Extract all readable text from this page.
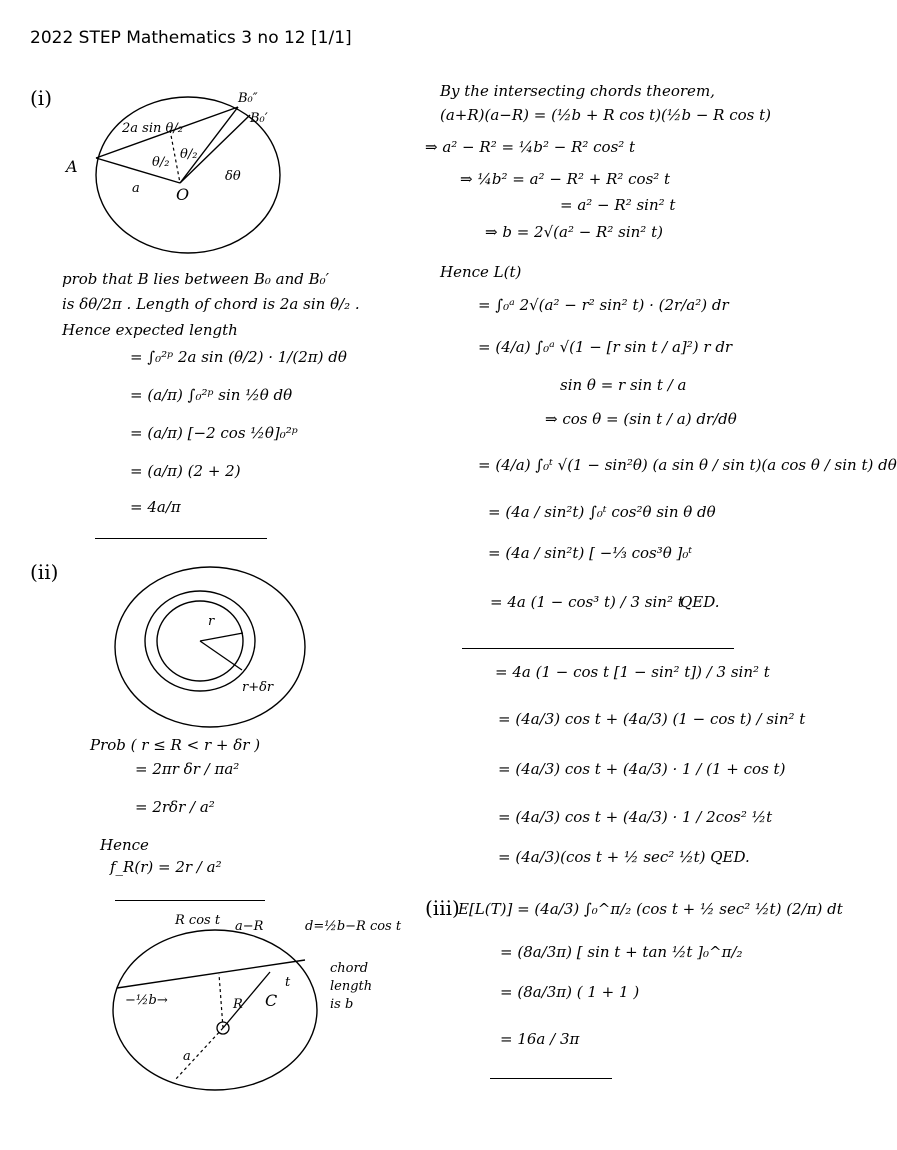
2022 STEP Mathematics 3 no 12 [1/1]
(i)
(ii)
(iii)
B₀″
B₀′
2a sin θ/₂
θ/₂
θ/₂
δθ
A
O
a
prob that B lies between B₀ and B₀′
is δθ/2π . Length of chord is 2a sin θ/₂ .
Hence expected length
= ∫₀²ᵖ 2a sin (θ/2) · 1/(2π) dθ
= (a/π) ∫₀²ᵖ sin ½θ dθ
= (a/π) [−2 cos ½θ]₀²ᵖ
= (a/π) (2 + 2)
= 4a/π
r
r+δr
Prob ( r ≤ R < r + δr )
= 2πr δr / πa²
= 2rδr / a²
Hence
f_R(r) = 2r / a²
R cos t a−R	d=½b−R cos t
−½b→
chord
length
is b
R C
t
a
By the intersecting chords theorem,
(a+R)(a−R) = (½b + R cos t)(½b − R cos t)
⇒ a² − R² = ¼b² − R² cos² t
⇒ ¼b² = a² − R² + R² cos² t
= a² − R² sin² t
⇒ b = 2√(a² − R² sin² t)
Hence L(t)
= ∫₀ᵃ 2√(a² − r² sin² t) · (2r/a²) dr
= (4/a) ∫₀ᵃ √(1 − [r sin t / a]²) r dr
sin θ = r sin t / a
⇒ cos θ = (sin t / a) dr/dθ
= (4/a) ∫₀ᵗ √(1 − sin²θ) (a sin θ / sin t)(a cos θ / sin t) dθ
= (4a / sin²t) ∫₀ᵗ cos²θ sin θ dθ
= (4a / sin²t) [ −⅓ cos³θ ]₀ᵗ
= 4a (1 − cos³ t) / 3 sin² t
QED.
= 4a (1 − cos t [1 − sin² t]) / 3 sin² t
= (4a/3) cos t + (4a/3) (1 − cos t) / sin² t
= (4a/3) cos t + (4a/3) · 1 / (1 + cos t)
= (4a/3) cos t + (4a/3) · 1 / 2cos² ½t
= (4a/3)(cos t + ½ sec² ½t) QED.
E[L(T)] = (4a/3) ∫₀^π/₂ (cos t + ½ sec² ½t) (2/π) dt
= (8a/3π) [ sin t + tan ½t ]₀^π/₂
= (8a/3π) ( 1 + 1 )
= 16a / 3π
